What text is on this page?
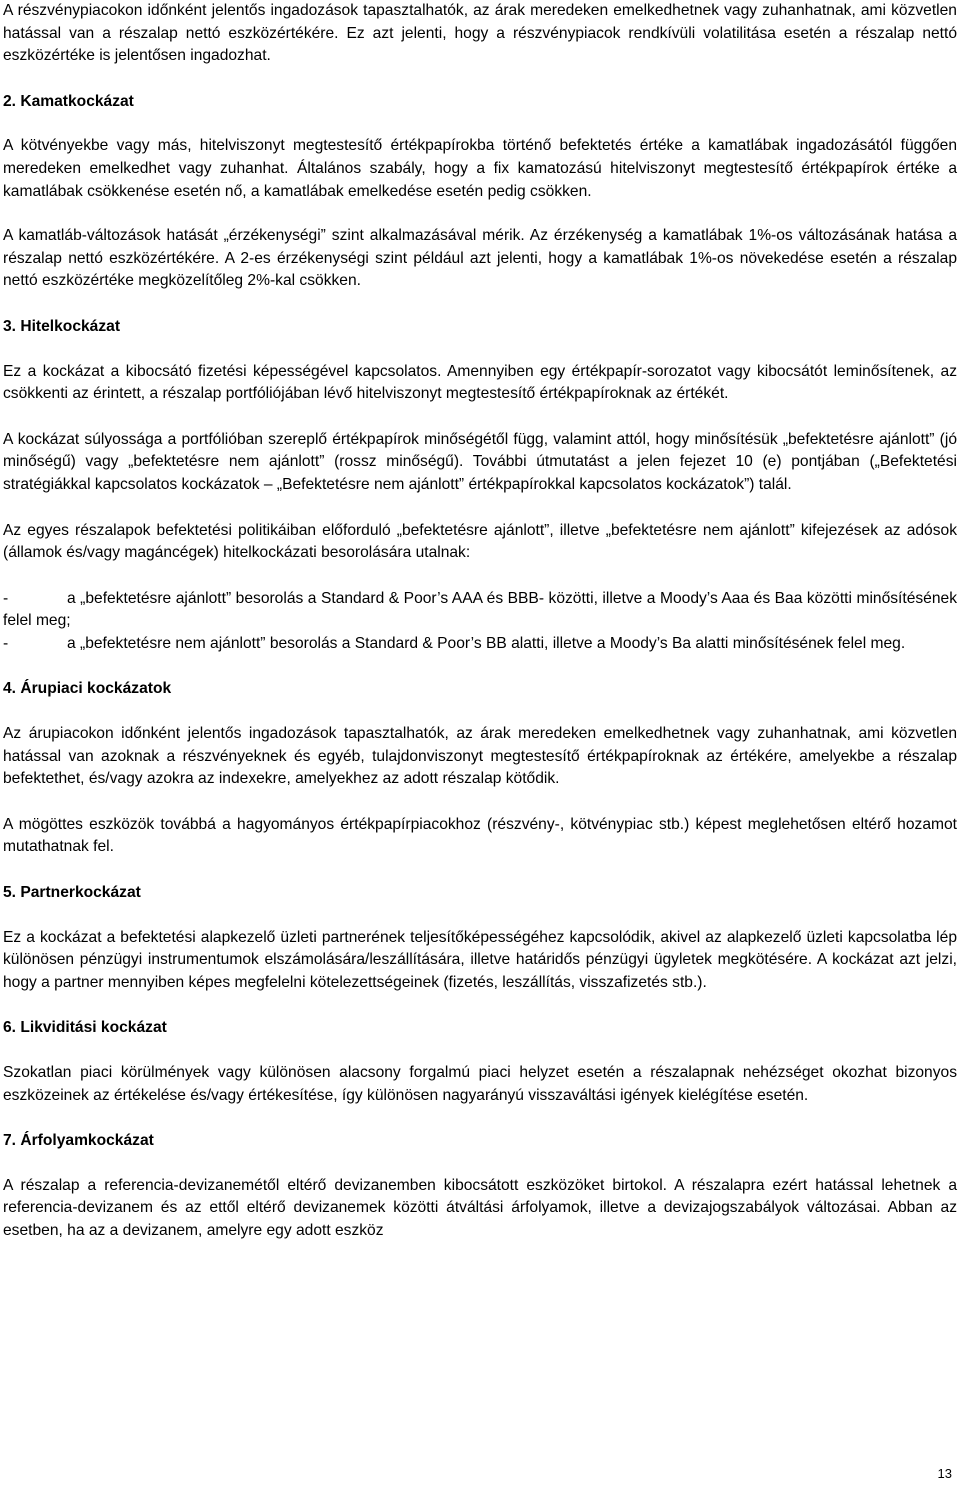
A részvénypiacokon időnként jelentős ingadozások tapasztalhatók, az árak meredeken emelkedhetnek vagy zuhanhatnak, ami közvetlen hatással van a részalap nettó eszközértékére. Ez azt jelenti, hogy a részvénypiacok rendkívüli volatilitása esetén a részalap nettó eszközértéke is jelentősen ingadozhat.

2. Kamatkockázat

A kötvényekbe vagy más, hitelviszonyt megtestesítő értékpapírokba történő befektetés értéke a kamatlábak ingadozásától függően meredeken emelkedhet vagy zuhanhat. Általános szabály, hogy a fix kamatozású hitelviszonyt megtestesítő értékpapírok értéke a kamatlábak csökkenése esetén nő, a kamatlábak emelkedése esetén pedig csökken.

A kamatláb-változások hatását „érzékenységi” szint alkalmazásával mérik. Az érzékenység a kamatlábak 1%-os változásának hatása a részalap nettó eszközértékére. A 2-es érzékenységi szint például azt jelenti, hogy a kamatlábak 1%-os növekedése esetén a részalap nettó eszközértéke megközelítőleg 2%-kal csökken.

3. Hitelkockázat

Ez a kockázat a kibocsátó fizetési képességével kapcsolatos. Amennyiben egy értékpapír-sorozatot vagy kibocsátót leminősítenek, az csökkenti az érintett, a részalap portfóliójában lévő hitelviszonyt megtestesítő értékpapíroknak az értékét.

A kockázat súlyossága a portfólióban szereplő értékpapírok minőségétől függ, valamint attól, hogy minősítésük „befektetésre ajánlott” (jó minőségű) vagy „befektetésre nem ajánlott” (rossz minőségű). További útmutatást a jelen fejezet 10 (e) pontjában („Befektetési stratégiákkal kapcsolatos kockázatok – „Befektetésre nem ajánlott” értékpapírokkal kapcsolatos kockázatok”) talál.

Az egyes részalapok befektetési politikáiban előforduló „befektetésre ajánlott”, illetve „befektetésre nem ajánlott” kifejezések az adósok (államok és/vagy magáncégek) hitelkockázati besorolására utalnak:

-	a „befektetésre ajánlott” besorolás a Standard & Poor’s AAA és BBB- közötti, illetve a Moody’s Aaa és Baa közötti minősítésének felel meg;

-	a „befektetésre nem ajánlott” besorolás a Standard & Poor’s BB alatti, illetve a Moody’s Ba alatti minősítésének felel meg.

4. Árupiaci kockázatok

Az árupiacokon időnként jelentős ingadozások tapasztalhatók, az árak meredeken emelkedhetnek vagy zuhanhatnak, ami közvetlen hatással van azoknak a részvényeknek és egyéb, tulajdonviszonyt megtestesítő értékpapíroknak az értékére, amelyekbe a részalap befektethet, és/vagy azokra az indexekre, amelyekhez az adott részalap kötődik.

A mögöttes eszközök továbbá a hagyományos értékpapírpiacokhoz (részvény-, kötvénypiac stb.) képest meglehetősen eltérő hozamot mutathatnak fel.

5. Partnerkockázat

Ez a kockázat a befektetési alapkezelő üzleti partnerének teljesítőképességéhez kapcsolódik, akivel az alapkezelő üzleti kapcsolatba lép különösen pénzügyi instrumentumok elszámolására/leszállítására, illetve határidős pénzügyi ügyletek megkötésére. A kockázat azt jelzi, hogy a partner mennyiben képes megfelelni kötelezettségeinek (fizetés, leszállítás, visszafizetés stb.).

6. Likviditási kockázat

Szokatlan piaci körülmények vagy különösen alacsony forgalmú piaci helyzet esetén a részalapnak nehézséget okozhat bizonyos eszközeinek az értékelése és/vagy értékesítése, így különösen nagyarányú visszaváltási igények kielégítése esetén.

7. Árfolyamkockázat

A részalap a referencia-devizanemétől eltérő devizanemben kibocsátott eszközöket birtokol. A részalapra ezért hatással lehetnek a referencia-devizanem és az ettől eltérő devizanemek közötti átváltási árfolyamok, illetve a devizajogszabályok változásai. Abban az esetben, ha az a devizanem, amelyre egy adott eszköz

13
